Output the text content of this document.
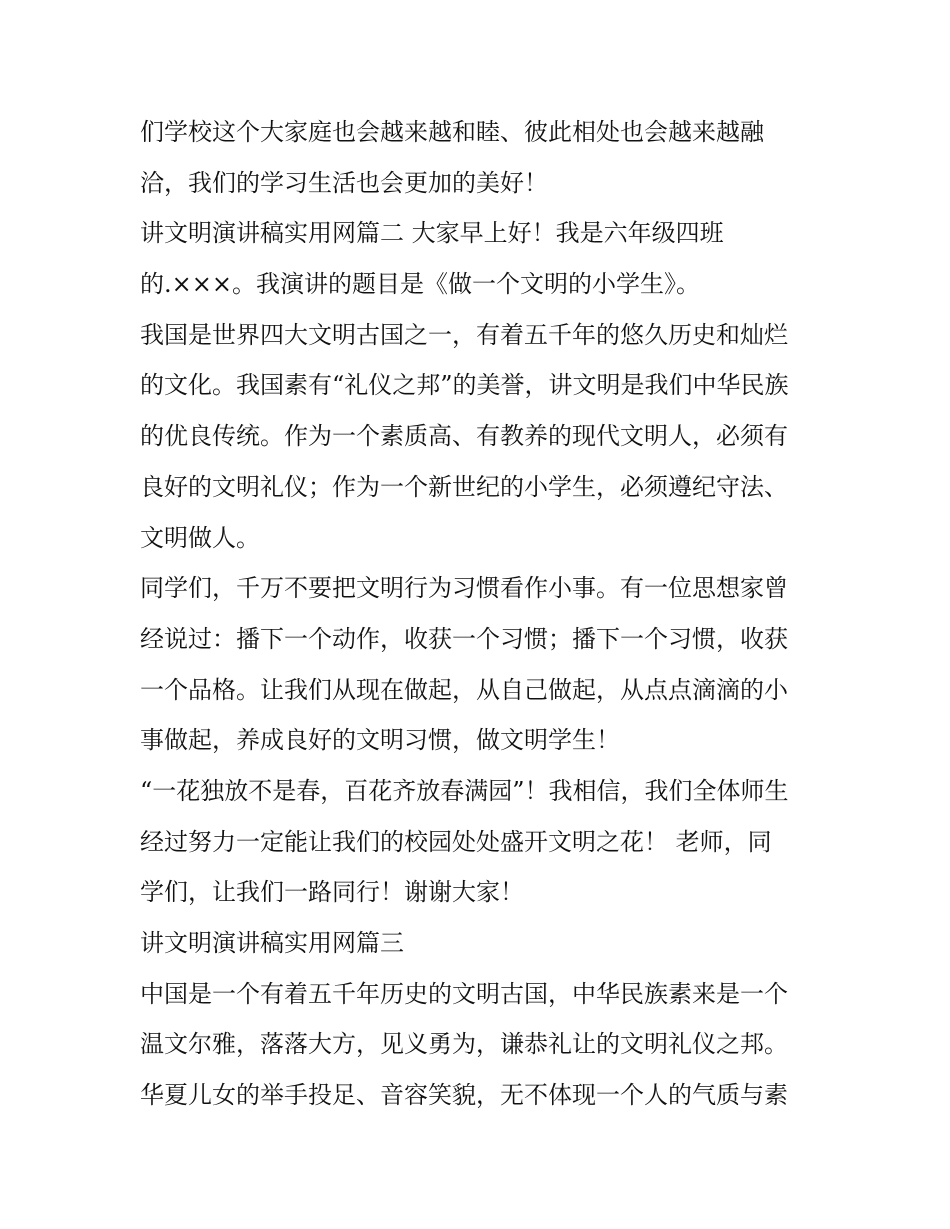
们学校这个大家庭也会越来越和睦、彼此相处也会越来越融
洽，我们的学习生活也会更加的美好！
讲文明演讲稿实用网篇二 大家早上好！我是六年级四班
的.×××。我演讲的题目是《做一个文明的小学生》。
我国是世界四大文明古国之一，有着五千年的悠久历史和灿烂
的文化。我国素有“礼仪之邦”的美誉，讲文明是我们中华民族
的优良传统。作为一个素质高、有教养的现代文明人，必须有
良好的文明礼仪；作为一个新世纪的小学生，必须遵纪守法、
文明做人。
同学们，千万不要把文明行为习惯看作小事。有一位思想家曾
经说过：播下一个动作，收获一个习惯；播下一个习惯，收获
一个品格。让我们从现在做起，从自己做起，从点点滴滴的小
事做起，养成良好的文明习惯，做文明学生！
“一花独放不是春，百花齐放春满园”！我相信，我们全体师生
经过努力一定能让我们的校园处处盛开文明之花！ 老师，同
学们，让我们一路同行！谢谢大家！
讲文明演讲稿实用网篇三
中国是一个有着五千年历史的文明古国，中华民族素来是一个
温文尔雅，落落大方，见义勇为，谦恭礼让的文明礼仪之邦。
华夏儿女的举手投足、音容笑貌，无不体现一个人的气质与素
